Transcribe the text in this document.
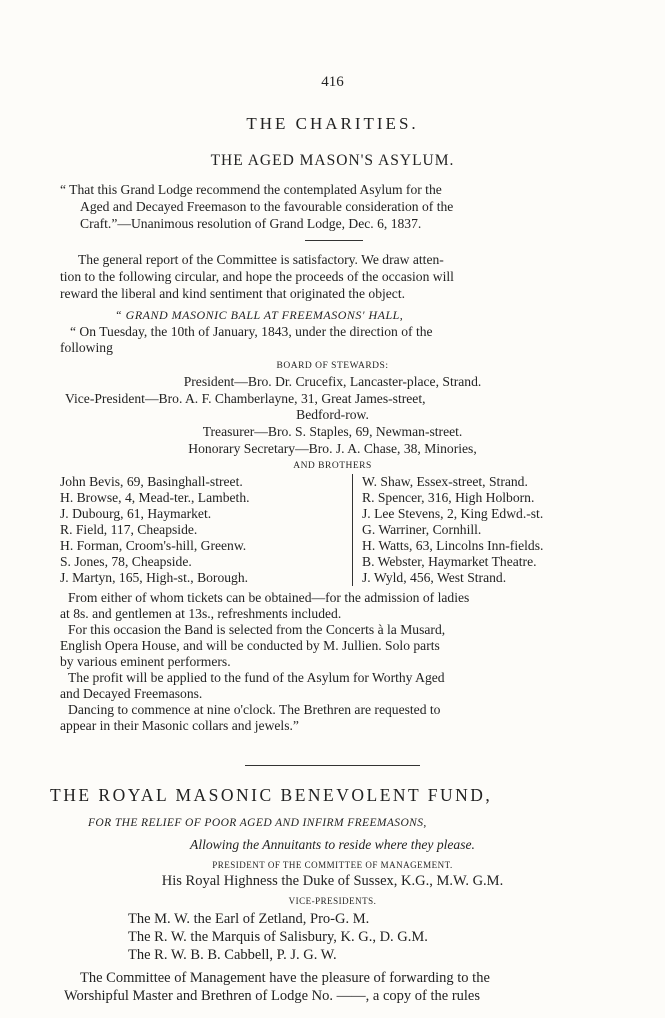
416
THE CHARITIES.
THE AGED MASON'S ASYLUM.
“ That this Grand Lodge recommend the contemplated Asylum for the
Aged and Decayed Freemason to the favourable consideration of the
Craft.”—Unanimous resolution of Grand Lodge, Dec. 6, 1837.
The general report of the Committee is satisfactory. We draw atten-
tion to the following circular, and hope the proceeds of the occasion will
reward the liberal and kind sentiment that originated the object.
“ GRAND MASONIC BALL AT FREEMASONS' HALL,
“ On Tuesday, the 10th of January, 1843, under the direction of the
following
BOARD OF STEWARDS:
President—Bro. Dr. Crucefix, Lancaster-place, Strand.
Vice-President—Bro. A. F. Chamberlayne, 31, Great James-street,
Bedford-row.
Treasurer—Bro. S. Staples, 69, Newman-street.
Honorary Secretary—Bro. J. A. Chase, 38, Minories,
AND BROTHERS
John Bevis, 69, Basinghall-street.
H. Browse, 4, Mead-ter., Lambeth.
J. Dubourg, 61, Haymarket.
R. Field, 117, Cheapside.
H. Forman, Croom's-hill, Greenw.
S. Jones, 78, Cheapside.
J. Martyn, 165, High-st., Borough.
W. Shaw, Essex-street, Strand.
R. Spencer, 316, High Holborn.
J. Lee Stevens, 2, King Edwd.-st.
G. Warriner, Cornhill.
H. Watts, 63, Lincolns Inn-fields.
B. Webster, Haymarket Theatre.
J. Wyld, 456, West Strand.
From either of whom tickets can be obtained—for the admission of ladies
at 8s. and gentlemen at 13s., refreshments included.
For this occasion the Band is selected from the Concerts à la Musard,
English Opera House, and will be conducted by M. Jullien. Solo parts
by various eminent performers.
The profit will be applied to the fund of the Asylum for Worthy Aged
and Decayed Freemasons.
Dancing to commence at nine o'clock. The Brethren are requested to
appear in their Masonic collars and jewels.”
THE ROYAL MASONIC BENEVOLENT FUND,
FOR THE RELIEF OF POOR AGED AND INFIRM FREEMASONS,
Allowing the Annuitants to reside where they please.
PRESIDENT OF THE COMMITTEE OF MANAGEMENT.
His Royal Highness the Duke of Sussex, K.G., M.W. G.M.
VICE-PRESIDENTS.
The M. W. the Earl of Zetland, Pro-G. M.
The R. W. the Marquis of Salisbury, K. G., D. G.M.
The R. W. B. B. Cabbell, P. J. G. W.
The Committee of Management have the pleasure of forwarding to the
Worshipful Master and Brethren of Lodge No. ——, a copy of the rules
